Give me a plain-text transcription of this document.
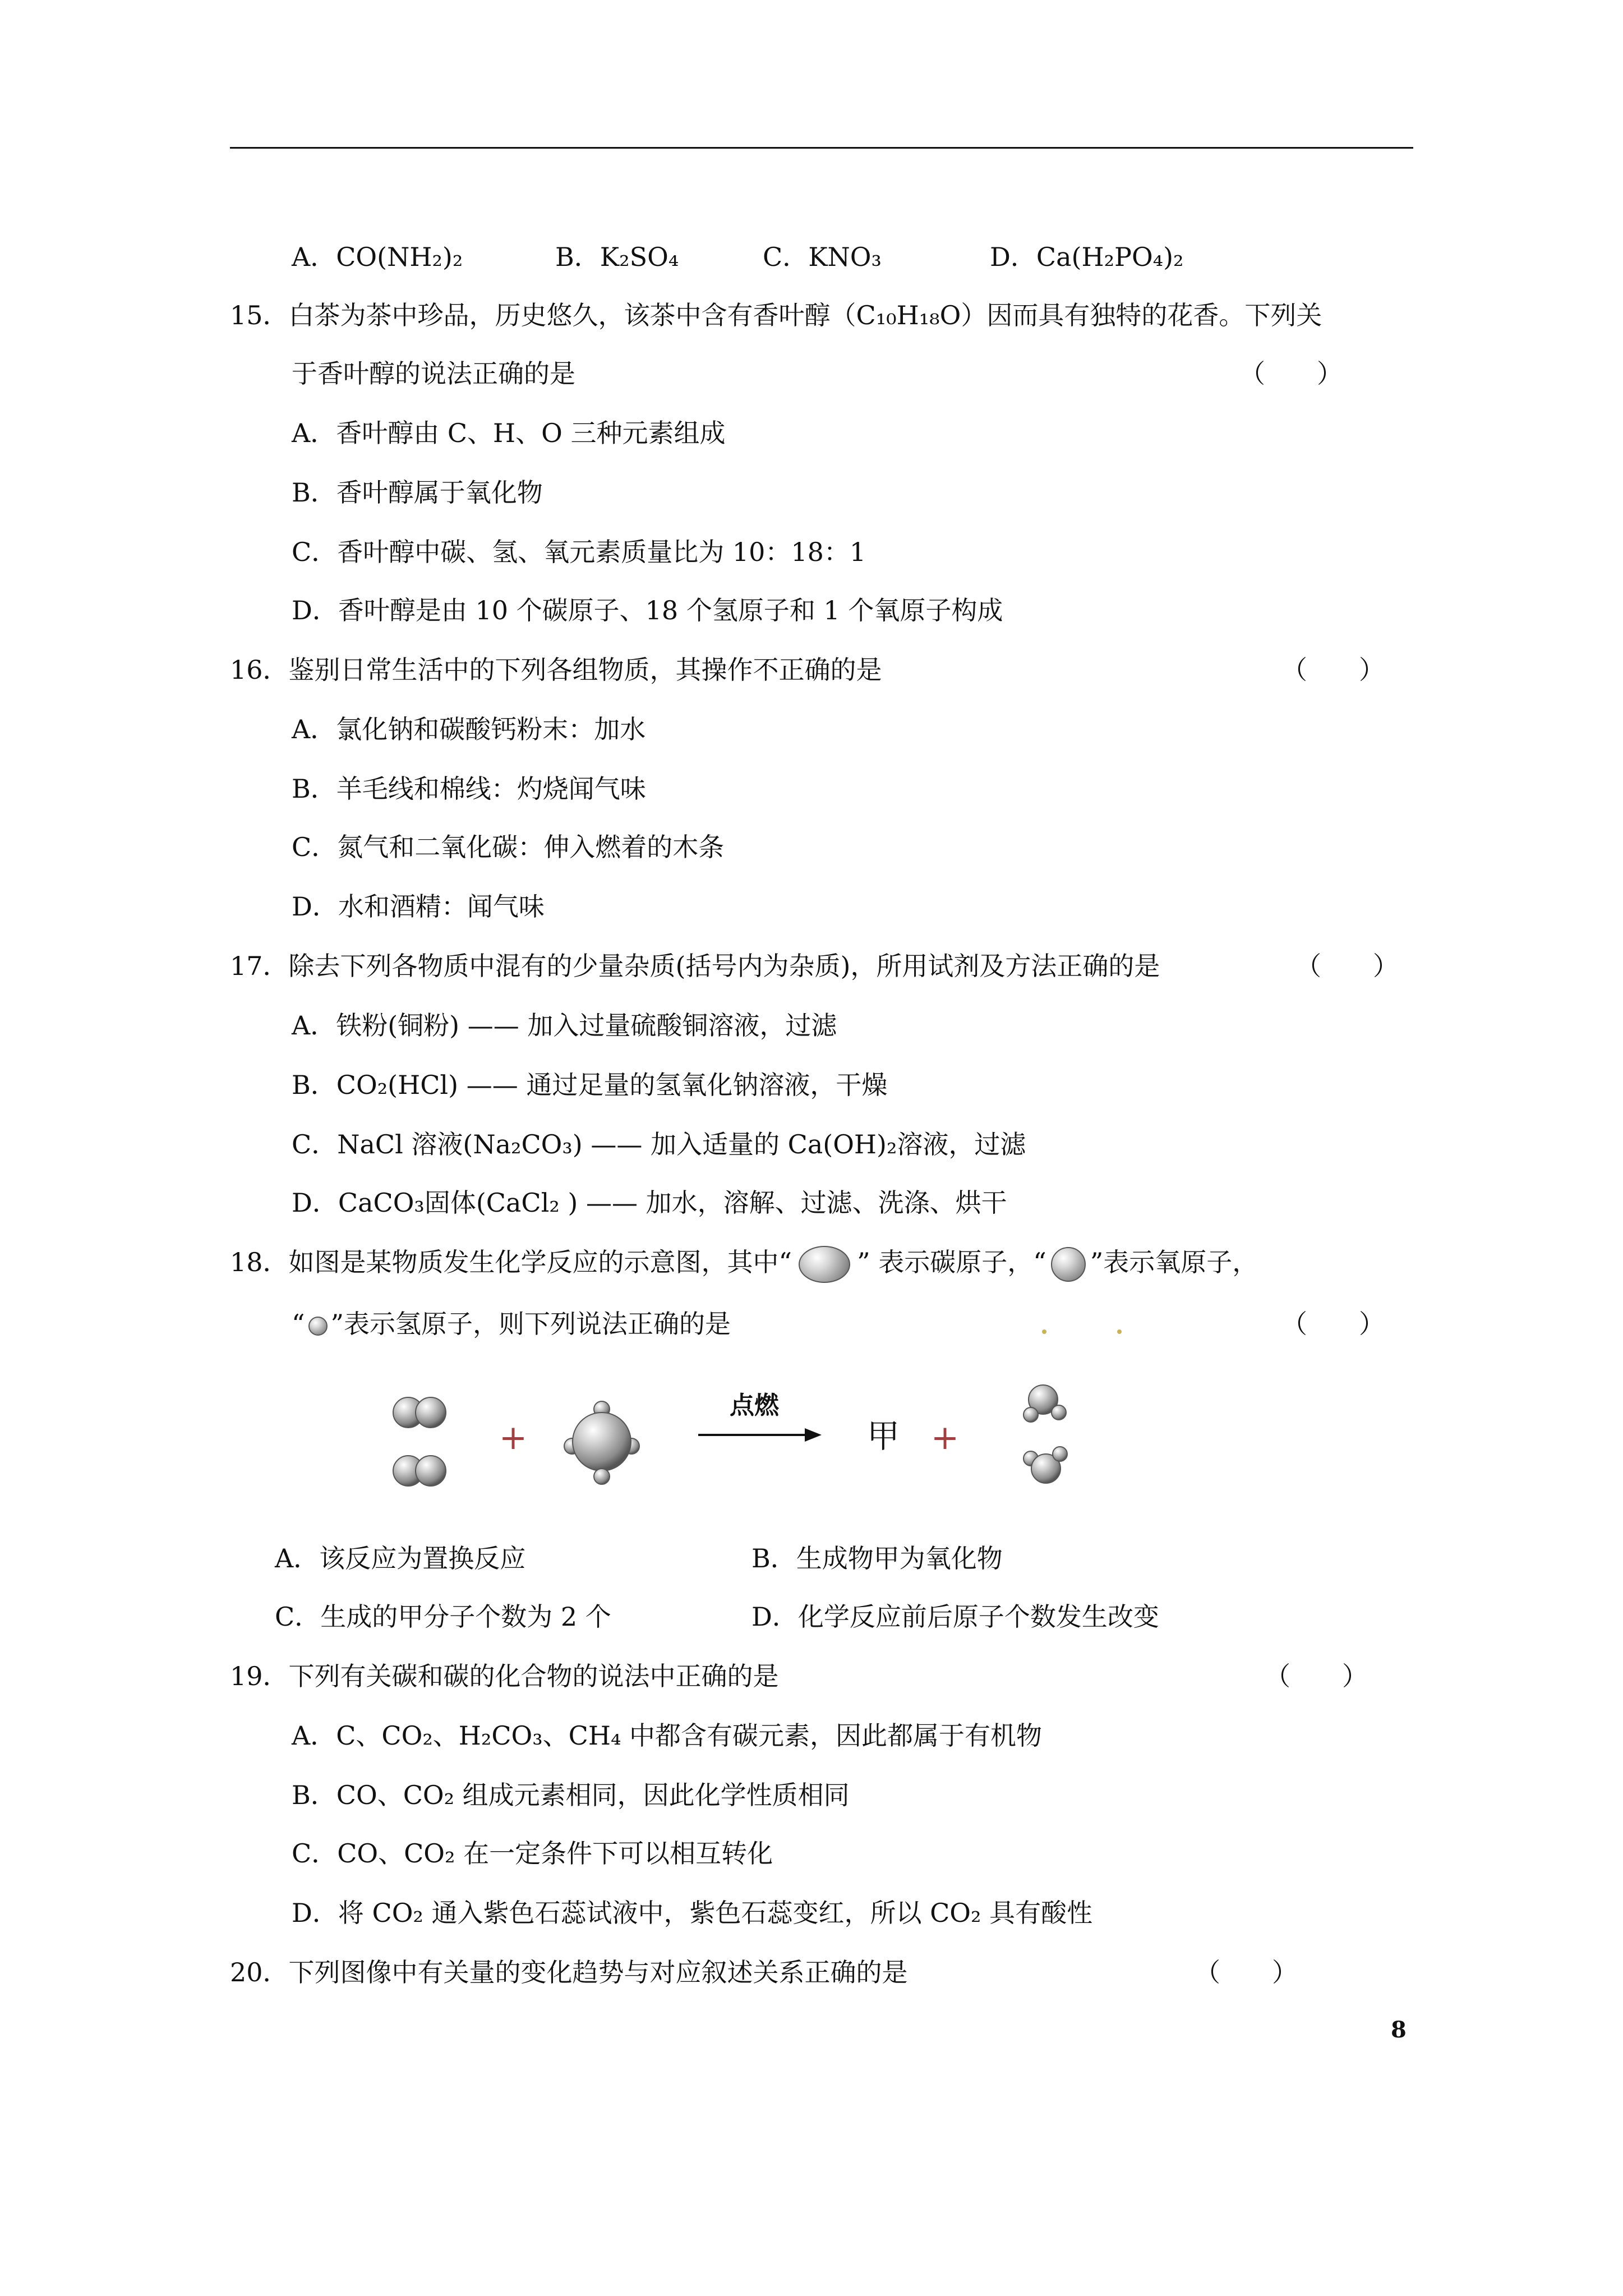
A．CO(NH₂)₂	B．K₂SO₄	C．KNO₃	D．Ca(H₂PO₄)₂
15．白茶为茶中珍品，历史悠久，该茶中含有香叶醇（C₁₀H₁₈O）因而具有独特的花香。下列关
于香叶醇的说法正确的是	（　　）
A．香叶醇由 C、H、O 三种元素组成
B．香叶醇属于氧化物
C．香叶醇中碳、氢、氧元素质量比为 10：18：1
D．香叶醇是由 10 个碳原子、18 个氢原子和 1 个氧原子构成
16．鉴别日常生活中的下列各组物质，其操作不正确的是	（　　）
A．氯化钠和碳酸钙粉末：加水
B．羊毛线和棉线：灼烧闻气味
C．氮气和二氧化碳：伸入燃着的木条
D．水和酒精：闻气味
17．除去下列各物质中混有的少量杂质(括号内为杂质)，所用试剂及方法正确的是	（　　）
A．铁粉(铜粉) —— 加入过量硫酸铜溶液，过滤
B．CO₂(HCl) —— 通过足量的氢氧化钠溶液，干燥
C．NaCl 溶液(Na₂CO₃) —— 加入适量的 Ca(OH)₂溶液，过滤
D．CaCO₃固体(CaCl₂ ) —— 加水，溶解、过滤、洗涤、烘干
18．如图是某物质发生化学反应的示意图，其中“	” 表示碳原子，“ ”表示氧原子，
“ ”表示氢原子，则下列说法正确的是	（　　）
+
点燃
甲 +
A．该反应为置换反应	B．生成物甲为氧化物
C．生成的甲分子个数为 2 个	D．化学反应前后原子个数发生改变
19．下列有关碳和碳的化合物的说法中正确的是	（　　）
A．C、CO₂、H₂CO₃、CH₄ 中都含有碳元素，因此都属于有机物
B．CO、CO₂ 组成元素相同，因此化学性质相同
C．CO、CO₂ 在一定条件下可以相互转化
D．将 CO₂ 通入紫色石蕊试液中，紫色石蕊变红，所以 CO₂ 具有酸性
20．下列图像中有关量的变化趋势与对应叙述关系正确的是	（　　）
8
